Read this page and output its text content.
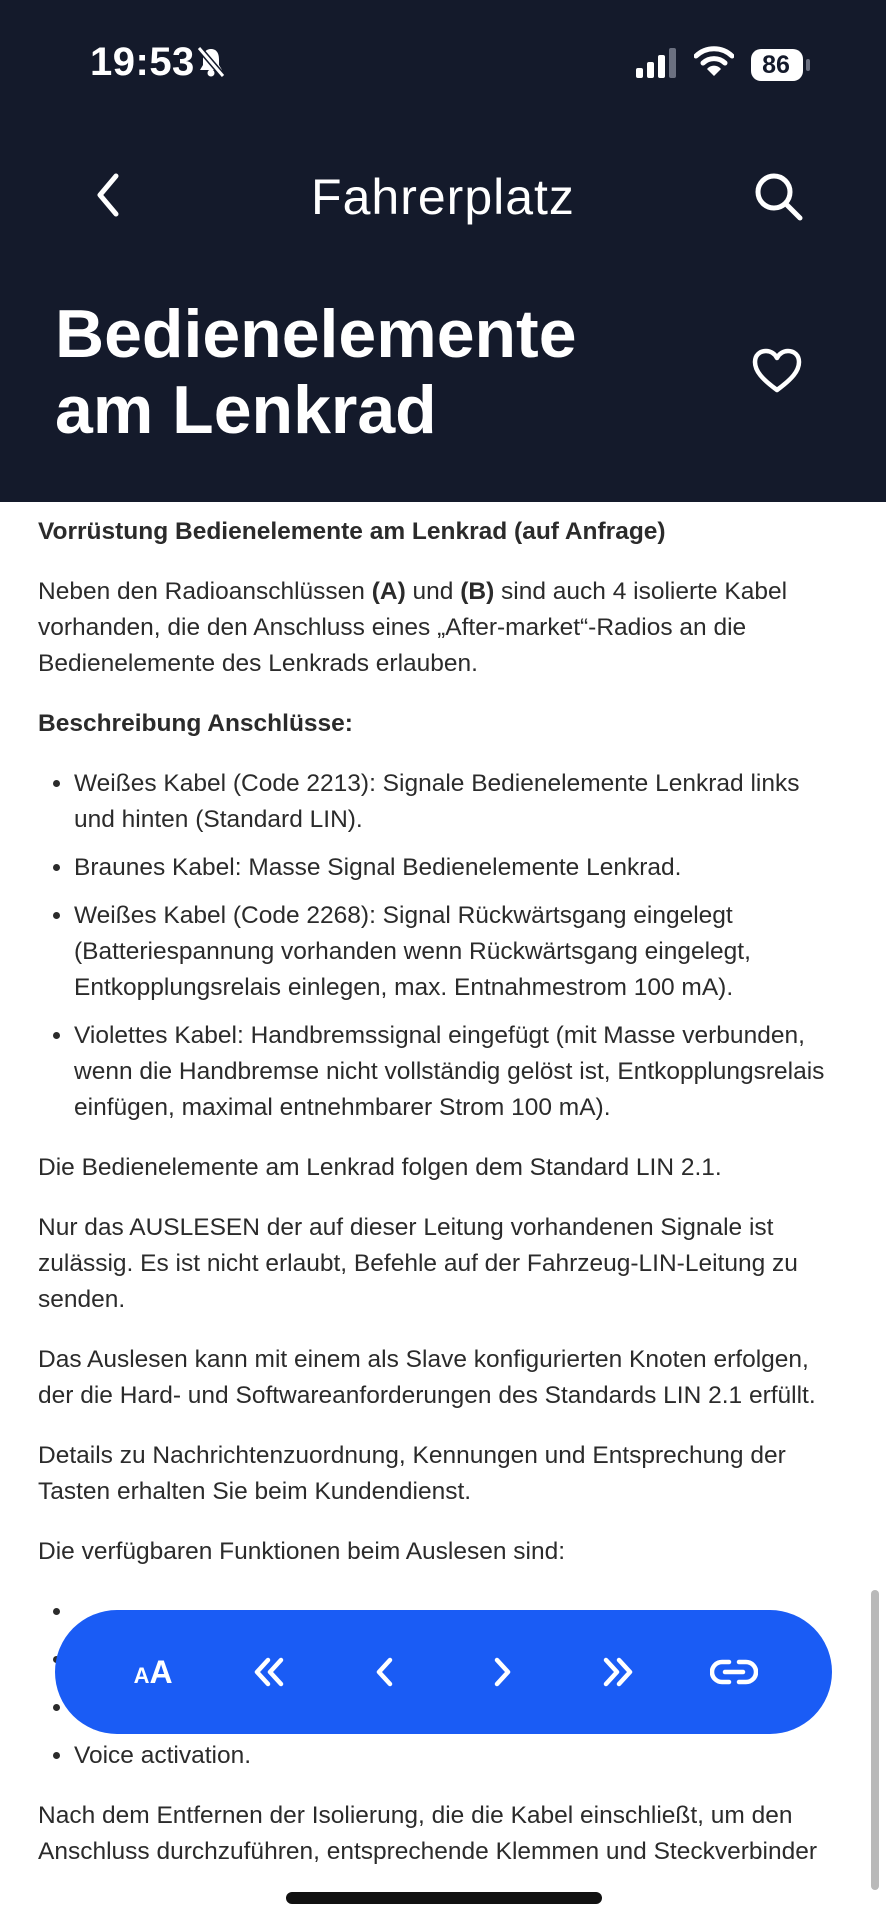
19:53	86
Fahrerplatz
Bedienelemente
am Lenkrad

Vorrüstung Bedienelemente am Lenkrad (auf Anfrage)

Neben den Radioanschlüssen (A) und (B) sind auch 4 isolierte Kabel vorhanden, die den Anschluss eines „After-market“-Radios an die Bedienelemente des Lenkrads erlauben.

Beschreibung Anschlüsse:

• Weißes Kabel (Code 2213): Signale Bedienelemente Lenkrad links und hinten (Standard LIN).
• Braunes Kabel: Masse Signal Bedienelemente Lenkrad.
• Weißes Kabel (Code 2268): Signal Rückwärtsgang eingelegt (Batteriespannung vorhanden wenn Rückwärtsgang eingelegt, Entkopplungsrelais einlegen, max. Entnahmestrom 100 mA).
• Violettes Kabel: Handbremssignal eingefügt (mit Masse verbunden, wenn die Handbremse nicht vollständig gelöst ist, Entkopplungsrelais einfügen, maximal entnehmbarer Strom 100 mA).

Die Bedienelemente am Lenkrad folgen dem Standard LIN 2.1.

Nur das AUSLESEN der auf dieser Leitung vorhandenen Signale ist zulässig. Es ist nicht erlaubt, Befehle auf der Fahrzeug-LIN-Leitung zu senden.

Das Auslesen kann mit einem als Slave konfigurierten Knoten erfolgen, der die Hard- und Softwareanforderungen des Standards LIN 2.1 erfüllt.

Details zu Nachrichtenzuordnung, Kennungen und Entsprechung der Tasten erhalten Sie beim Kundendienst.

Die verfügbaren Funktionen beim Auslesen sind:

•
•
•
• Voice activation.

Nach dem Entfernen der Isolierung, die die Kabel einschließt, um den Anschluss durchzuführen, entsprechende Klemmen und Steckverbinder

AA
